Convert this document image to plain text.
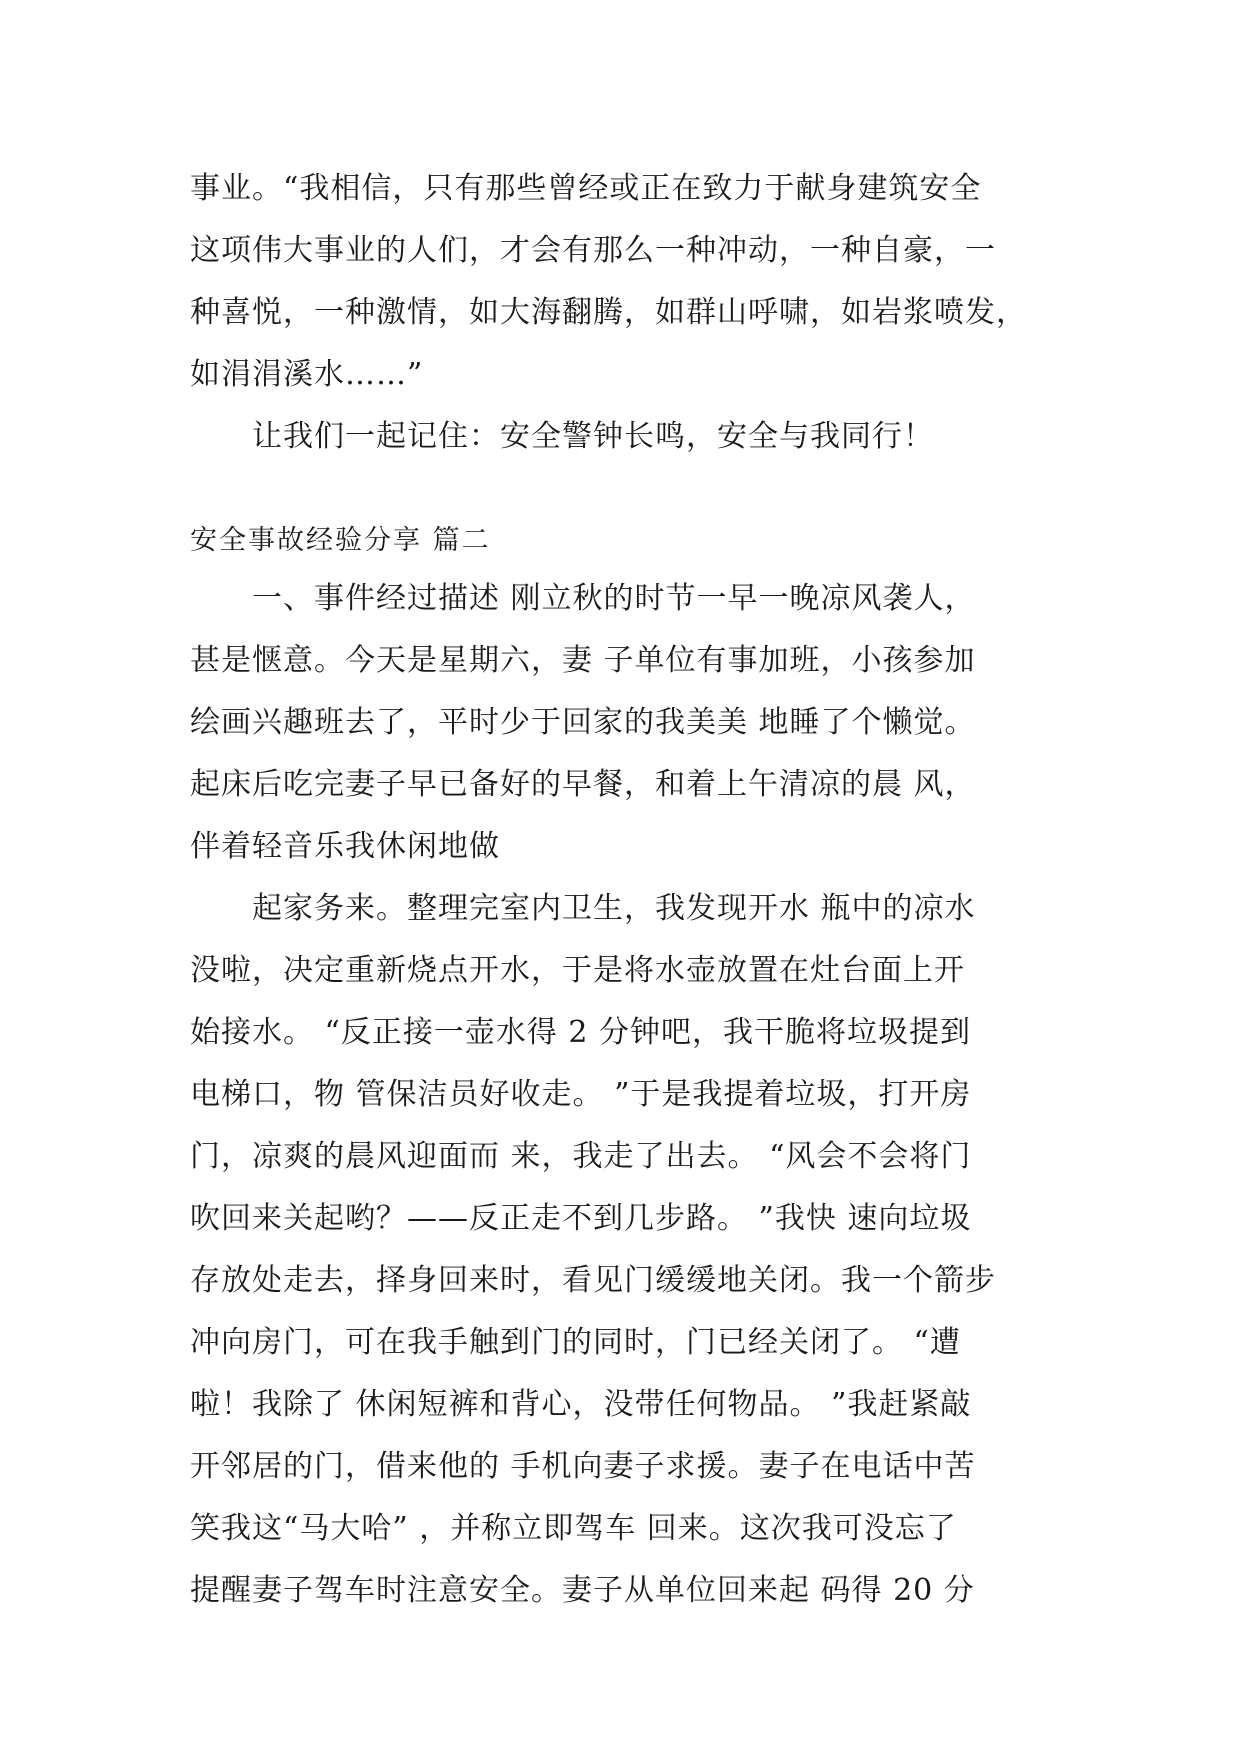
事业。“我相信，只有那些曾经或正在致力于献身建筑安全
这项伟大事业的人们，才会有那么一种冲动，一种自豪，一
种喜悦，一种激情，如大海翻腾，如群山呼啸，如岩浆喷发，
如涓涓溪水……”
　　让我们一起记住：安全警钟长鸣，安全与我同行！
安全事故经验分享 篇二
　　一、事件经过描述 刚立秋的时节一早一晚凉风袭人，
甚是惬意。今天是星期六，妻 子单位有事加班，小孩参加
绘画兴趣班去了，平时少于回家的我美美 地睡了个懒觉。
起床后吃完妻子早已备好的早餐，和着上午清凉的晨 风，
伴着轻音乐我休闲地做
　　起家务来。整理完室内卫生，我发现开水 瓶中的凉水
没啦，决定重新烧点开水，于是将水壶放置在灶台面上开
始接水。 “反正接一壶水得 2 分钟吧，我干脆将垃圾提到
电梯口，物 管保洁员好收走。 ”于是我提着垃圾，打开房
门，凉爽的晨风迎面而 来，我走了出去。 “风会不会将门
吹回来关起哟？——反正走不到几步路。 ”我快 速向垃圾
存放处走去，择身回来时，看见门缓缓地关闭。我一个箭步
冲向房门，可在我手触到门的同时，门已经关闭了。 “遭
啦！我除了 休闲短裤和背心，没带任何物品。 ”我赶紧敲
开邻居的门，借来他的 手机向妻子求援。妻子在电话中苦
笑我这“马大哈” ，并称立即驾车 回来。这次我可没忘了
提醒妻子驾车时注意安全。妻子从单位回来起 码得 20 分
